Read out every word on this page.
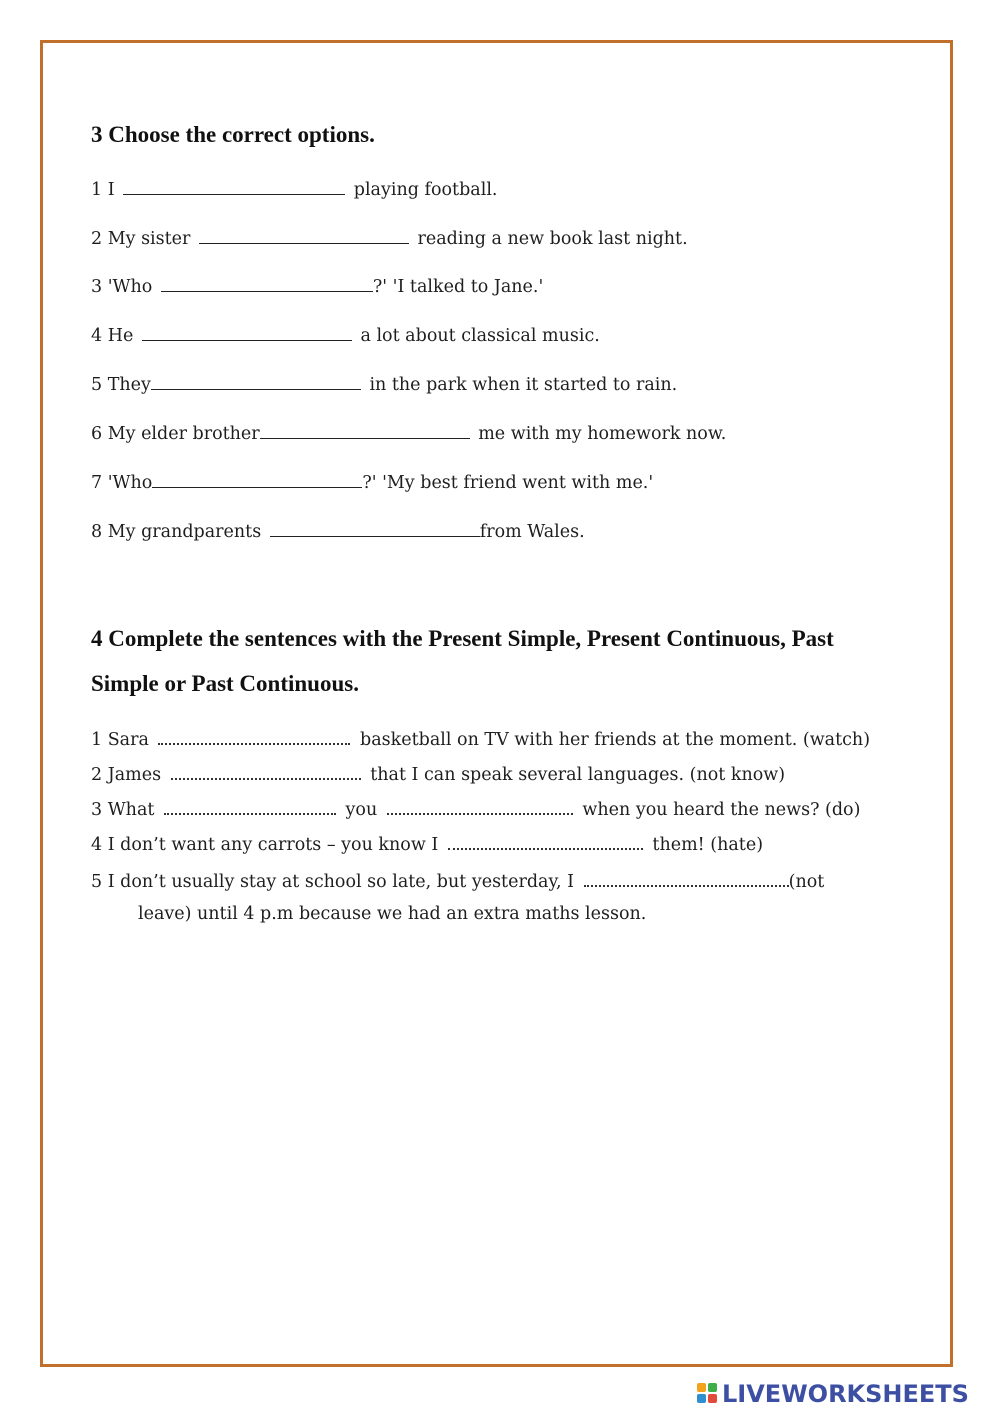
3 Choose the correct options.

1 I	playing football.

2 My sister	reading a new book last night.

3 'Who	?' 'I talked to Jane.'

4 He	a lot about classical music.

5 They	in the park when it started to rain.

6 My elder brother	me with my homework now.

7 'Who	?' 'My best friend went with me.'

8 My grandparents	from Wales.

4 Complete the sentences with the Present Simple, Present Continuous, Past
Simple or Past Continuous.

1 Sara	basketball on TV with her friends at the moment. (watch)

2 James	that I can speak several languages. (not know)

3 What	you	when you heard the news? (do)

4 I don’t want any carrots – you know I	them! (hate)

5 I don’t usually stay at school so late, but yesterday, I	(not

leave) until 4 p.m because we had an extra maths lesson.

LIVEWORKSHEETS
